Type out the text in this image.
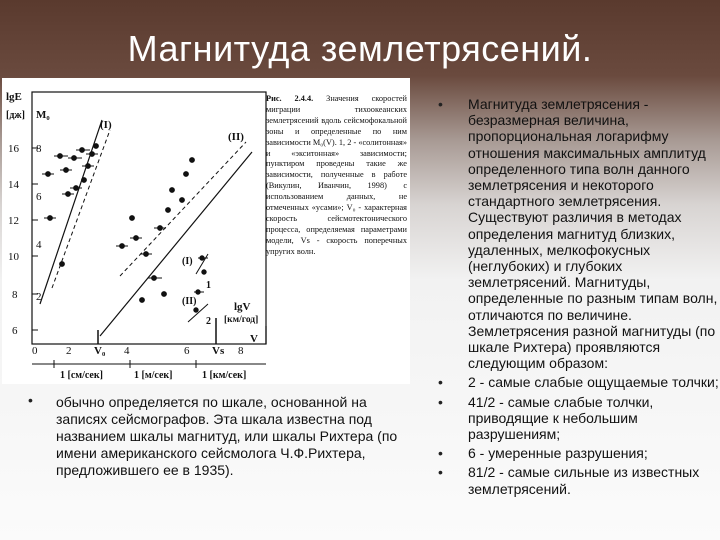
Магнитуда землетрясений.
lgE
[дж] M₀
16
14
12
10
8
6
8
6
4
2
0	2	4	6	8
V₀	Vs
V
lgV
[км/год]
1 [см/сек]	1 [м/сек]	1 [км/сек]
(I)
(II)
(I)
(II)
1
2
Рис. 2.4.4. Значения скоростей миграции тихоокеанских землетрясений вдоль сейсмофокальной зоны и определенные по ним зависимости M₀(V). 1, 2 - «солитонная» и «экситонная» зависимости; пунктиром проведены такие же зависимости, полученные в работе (Викулин, Иванчин, 1998) с использованием данных, не отмеченных «усами»; V₀ - характерная скорость сейсмотектонического процесса, определяемая параметрами модели, Vs - скорость поперечных упругих волн.
• обычно определяется по шкале, основанной на записях сейсмографов. Эта шкала известна под названием шкалы магнитуд, или шкалы Рихтера (по имени американского сейсмолога Ч.Ф.Рихтера, предложившего ее в 1935).
•	Магнитуда землетрясения - безразмерная величина, пропорциональная логарифму отношения максимальных амплитуд определенного типа волн данного землетрясения и некоторого стандартного землетрясения. Существуют различия в методах определения магнитуд близких, удаленных, мелкофокусных (неглубоких) и глубоких землетрясений. Магнитуды, определенные по разным типам волн, отличаются по величине. Землетрясения разной магнитуды (по шкале Рихтера) проявляются следующим образом:
•	2 - самые слабые ощущаемые толчки;
•	41/2 - самые слабые толчки, приводящие к небольшим разрушениям;
•	6 - умеренные разрушения;
•	81/2 - самые сильные из известных землетрясений.
